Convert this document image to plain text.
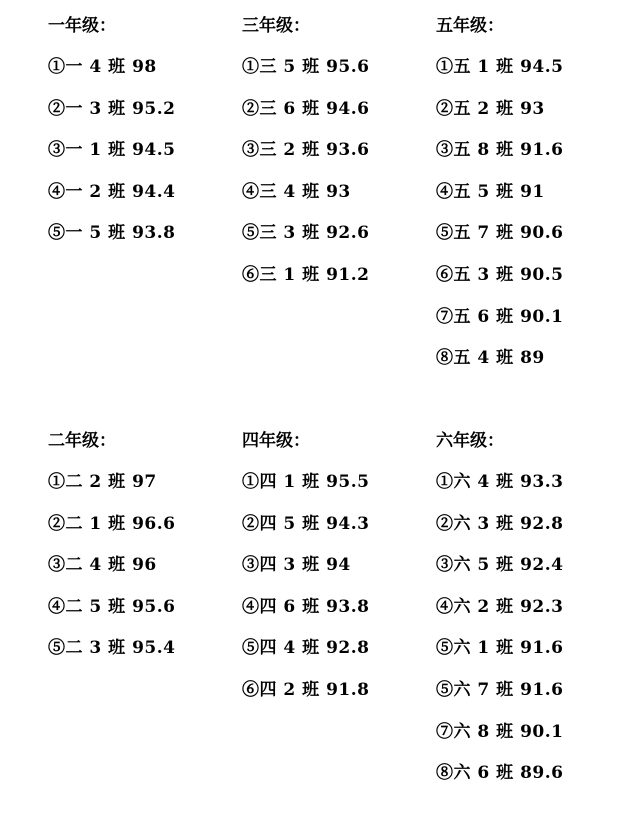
一年级：
①一 4 班 98
②一 3 班 95.2
③一 1 班 94.5
④一 2 班 94.4
⑤一 5 班 93.8
三年级：
①三 5 班 95.6
②三 6 班 94.6
③三 2 班 93.6
④三 4 班 93
⑤三 3 班 92.6
⑥三 1 班 91.2
五年级：
①五 1 班 94.5
②五 2 班 93
③五 8 班 91.6
④五 5 班 91
⑤五 7 班 90.6
⑥五 3 班 90.5
⑦五 6 班 90.1
⑧五 4 班 89
二年级：
①二 2 班 97
②二 1 班 96.6
③二 4 班 96
④二 5 班 95.6
⑤二 3 班 95.4
四年级：
①四 1 班 95.5
②四 5 班 94.3
③四 3 班 94
④四 6 班 93.8
⑤四 4 班 92.8
⑥四 2 班 91.8
六年级：
①六 4 班 93.3
②六 3 班 92.8
③六 5 班 92.4
④六 2 班 92.3
⑤六 1 班 91.6
⑤六 7 班 91.6
⑦六 8 班 90.1
⑧六 6 班 89.6
